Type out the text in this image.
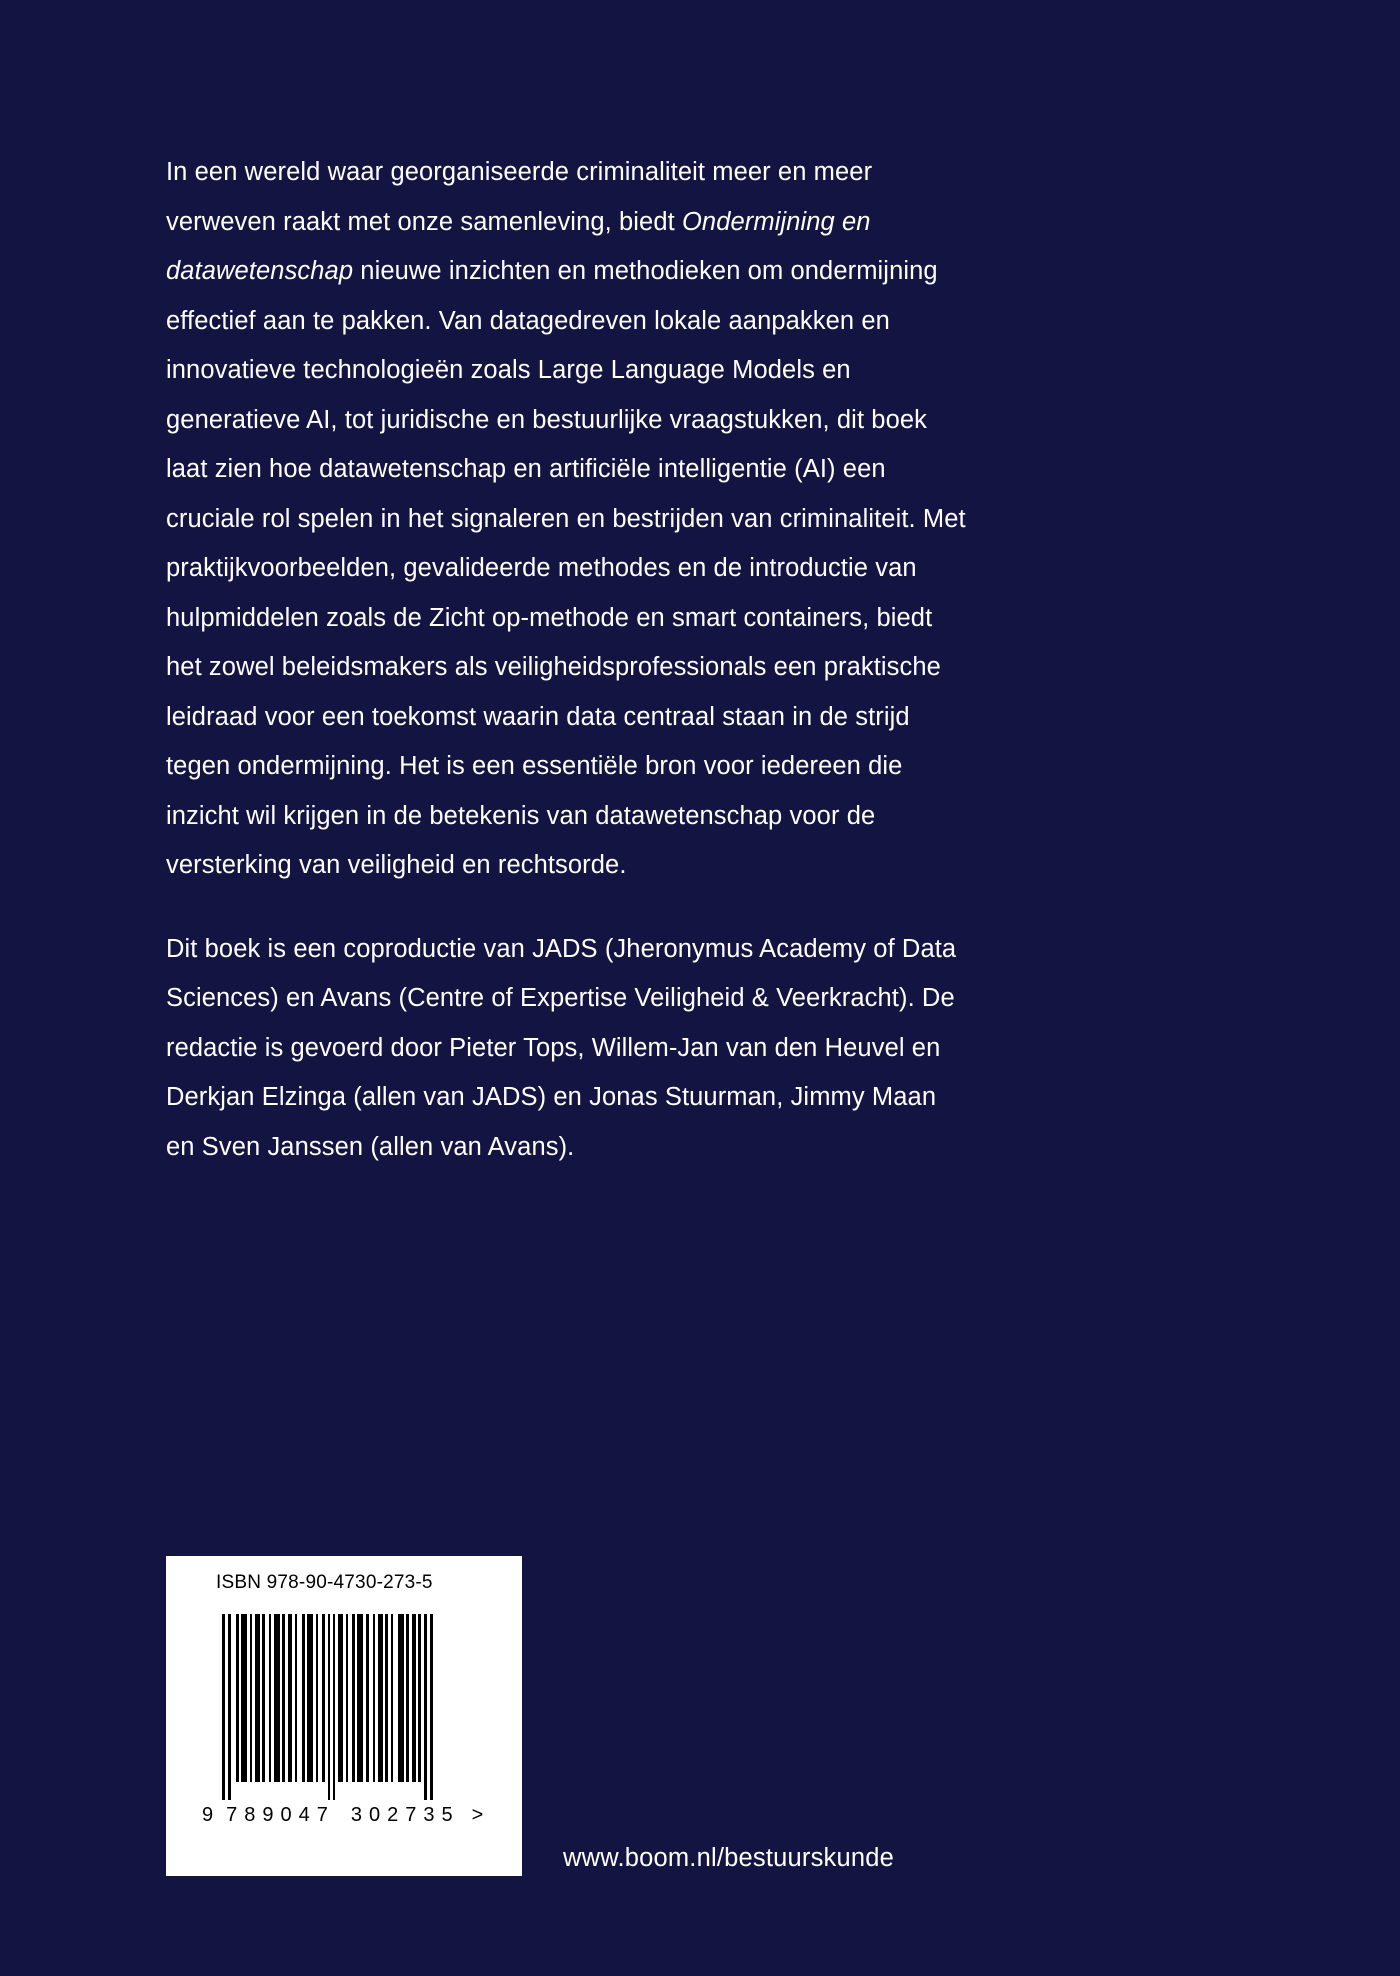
In een wereld waar georganiseerde criminaliteit meer en meer verweven raakt met onze samenleving, biedt Ondermijning en datawetenschap nieuwe inzichten en methodieken om ondermijning effectief aan te pakken. Van datagedreven lokale aanpakken en innovatieve technologieën zoals Large Language Models en generatieve AI, tot juridische en bestuurlijke vraagstukken, dit boek laat zien hoe datawetenschap en artificiële intelligentie (AI) een cruciale rol spelen in het signaleren en bestrijden van criminaliteit. Met praktijkvoorbeelden, gevalideerde methodes en de introductie van hulpmiddelen zoals de Zicht op-methode en smart containers, biedt het zowel beleidsmakers als veiligheidsprofessionals een praktische leidraad voor een toekomst waarin data centraal staan in de strijd tegen ondermijning. Het is een essentiële bron voor iedereen die inzicht wil krijgen in de betekenis van datawetenschap voor de versterking van veiligheid en rechtsorde.

Dit boek is een coproductie van JADS (Jheronymus Academy of Data Sciences) en Avans (Centre of Expertise Veiligheid & Veerkracht). De redactie is gevoerd door Pieter Tops, Willem-Jan van den Heuvel en Derkjan Elzinga (allen van JADS) en Jonas Stuurman, Jimmy Maan en Sven Janssen (allen van Avans).

ISBN 978-90-4730-273-5
9 789047 302735 >
www.boom.nl/bestuurskunde
